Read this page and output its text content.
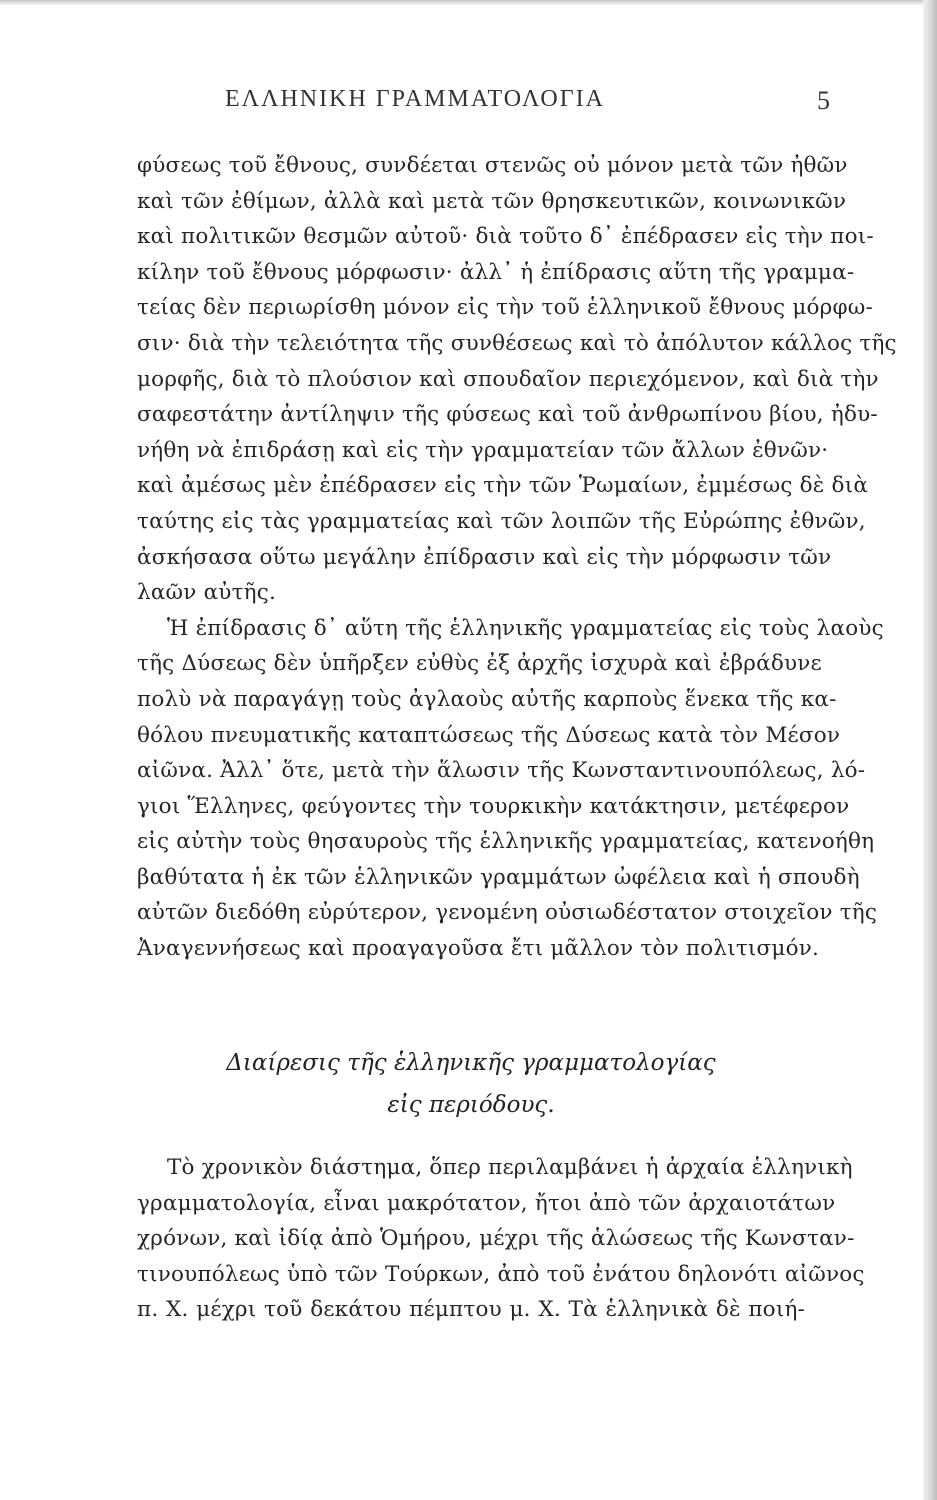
ΕΛΛΗΝΙΚΗ ΓΡΑΜΜΑΤΟΛΟΓΙΑ	5
φύσεως τοῦ ἔθνους, συνδέεται στενῶς οὐ μόνον μετὰ τῶν ἠθῶν
καὶ τῶν ἐθίμων, ἀλλὰ καὶ μετὰ τῶν θρησκευτικῶν, κοινωνικῶν
καὶ πολιτικῶν θεσμῶν αὐτοῦ· διὰ τοῦτο δ᾽ ἐπέδρασεν εἰς τὴν ποι-
κίλην τοῦ ἔθνους μόρφωσιν· ἀλλ᾽ ἡ ἐπίδρασις αὕτη τῆς γραμμα-
τείας δὲν περιωρίσθη μόνον εἰς τὴν τοῦ ἑλληνικοῦ ἔθνους μόρφω-
σιν· διὰ τὴν τελειότητα τῆς συνθέσεως καὶ τὸ ἀπόλυτον κάλλος τῆς
μορφῆς, διὰ τὸ πλούσιον καὶ σπουδαῖον περιεχόμενον, καὶ διὰ τὴν
σαφεστάτην ἀντίληψιν τῆς φύσεως καὶ τοῦ ἀνθρωπίνου βίου, ἠδυ-
νήθη νὰ ἐπιδράσῃ καὶ εἰς τὴν γραμματείαν τῶν ἄλλων ἐθνῶν·
καὶ ἀμέσως μὲν ἐπέδρασεν εἰς τὴν τῶν Ῥωμαίων, ἐμμέσως δὲ διὰ
ταύτης εἰς τὰς γραμματείας καὶ τῶν λοιπῶν τῆς Εὐρώπης ἐθνῶν,
ἀσκήσασα οὕτω μεγάλην ἐπίδρασιν καὶ εἰς τὴν μόρφωσιν τῶν
λαῶν αὐτῆς.
Ἡ ἐπίδρασις δ᾽ αὕτη τῆς ἑλληνικῆς γραμματείας εἰς τοὺς λαοὺς
τῆς Δύσεως δὲν ὑπῆρξεν εὐθὺς ἐξ ἀρχῆς ἰσχυρὰ καὶ ἐβράδυνε
πολὺ νὰ παραγάγῃ τοὺς ἀγλαοὺς αὐτῆς καρποὺς ἕνεκα τῆς κα-
θόλου πνευματικῆς καταπτώσεως τῆς Δύσεως κατὰ τὸν Μέσον
αἰῶνα. Ἀλλ᾽ ὅτε, μετὰ τὴν ἅλωσιν τῆς Κωνσταντινουπόλεως, λό-
γιοι Ἕλληνες, φεύγοντες τὴν τουρκικὴν κατάκτησιν, μετέφερον
εἰς αὐτὴν τοὺς θησαυροὺς τῆς ἑλληνικῆς γραμματείας, κατενοήθη
βαθύτατα ἡ ἐκ τῶν ἑλληνικῶν γραμμάτων ὠφέλεια καὶ ἡ σπουδὴ
αὐτῶν διεδόθη εὐρύτερον, γενομένη οὐσιωδέστατον στοιχεῖον τῆς
Ἀναγεννήσεως καὶ προαγαγοῦσα ἔτι μᾶλλον τὸν πολιτισμόν.
Διαίρεσις τῆς ἑλληνικῆς γραμματολογίας
εἰς περιόδους.
Τὸ χρονικὸν διάστημα, ὅπερ περιλαμβάνει ἡ ἀρχαία ἑλληνικὴ
γραμματολογία, εἶναι μακρότατον, ἤτοι ἀπὸ τῶν ἀρχαιοτάτων
χρόνων, καὶ ἰδίᾳ ἀπὸ Ὁμήρου, μέχρι τῆς ἁλώσεως τῆς Κωνσταν-
τινουπόλεως ὑπὸ τῶν Τούρκων, ἀπὸ τοῦ ἐνάτου δηλονότι αἰῶνος
π. Χ. μέχρι τοῦ δεκάτου πέμπτου μ. Χ. Τὰ ἑλληνικὰ δὲ ποιή-
